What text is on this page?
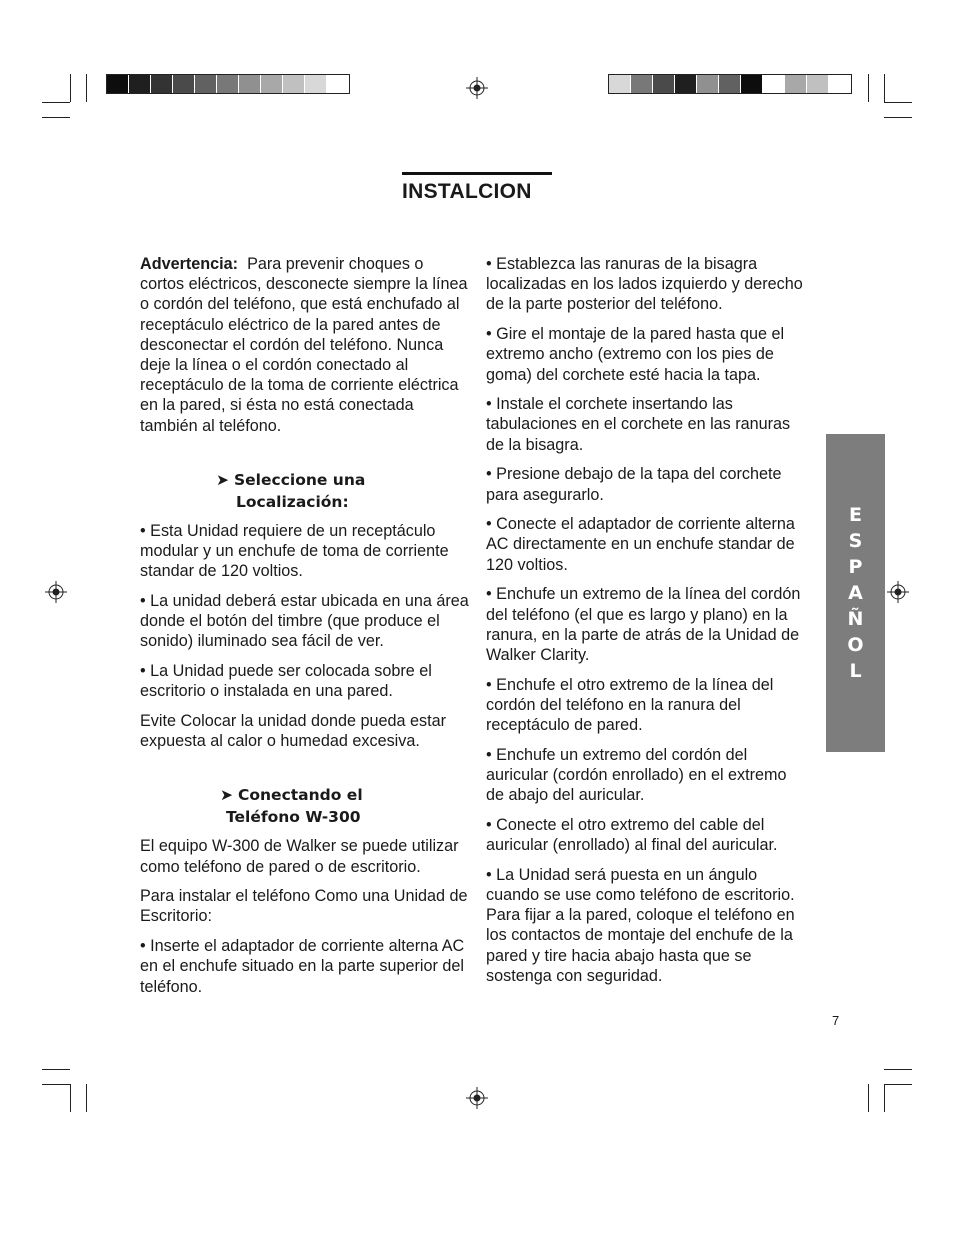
INSTALCION

Advertencia: Para prevenir choques o cortos eléctricos, desconecte siempre la línea o cordón del teléfono, que está enchufado al receptáculo eléctrico de la pared antes de desconectar el cordón del teléfono. Nunca deje la línea o el cordón conectado al receptáculo de la toma de corriente eléctrica en la pared, si ésta no está conectada también al teléfono.

➤ Seleccione una
Localización:

• Esta Unidad requiere de un receptáculo modular y un enchufe de toma de corriente standar de 120 voltios.

• La unidad deberá estar ubicada en una área donde el botón del timbre (que produce el sonido) iluminado sea fácil de ver.

• La Unidad puede ser colocada sobre el escritorio o instalada en una pared.

Evite Colocar la unidad donde pueda estar expuesta al calor o humedad excesiva.

➤ Conectando el
Teléfono W-300

El equipo W-300 de Walker se puede utilizar como teléfono de pared o de escritorio.

Para instalar el teléfono Como una Unidad de Escritorio:

• Inserte el adaptador de corriente alterna AC en el enchufe situado en la parte superior del teléfono.

• Establezca las ranuras de la bisagra localizadas en los lados izquierdo y derecho de la parte posterior del teléfono.

• Gire el montaje de la pared hasta que el extremo ancho (extremo con los pies de goma) del corchete esté hacia la tapa.

• Instale el corchete insertando las tabulaciones en el corchete en las ranuras de la bisagra.

• Presione debajo de la tapa del corchete para asegurarlo.

• Conecte el adaptador de corriente alterna AC directamente en un enchufe standar de 120 voltios.

• Enchufe un extremo de la línea del cordón del teléfono (el que es largo y plano) en la ranura, en la parte de atrás de la Unidad de Walker Clarity.

• Enchufe el otro extremo de la línea del cordón del teléfono en la ranura del receptáculo de pared.

• Enchufe un extremo del cordón del auricular (cordón enrollado) en el extremo de abajo del auricular.

• Conecte el otro extremo del cable del auricular (enrollado) al final del auricular.

• La Unidad será puesta en un ángulo cuando se use como teléfono de escritorio. Para fijar a la pared, coloque el teléfono en los contactos de montaje del enchufe de la pared y tire hacia abajo hasta que se sostenga con seguridad.

E
S
P
A
Ñ
O
L
7
